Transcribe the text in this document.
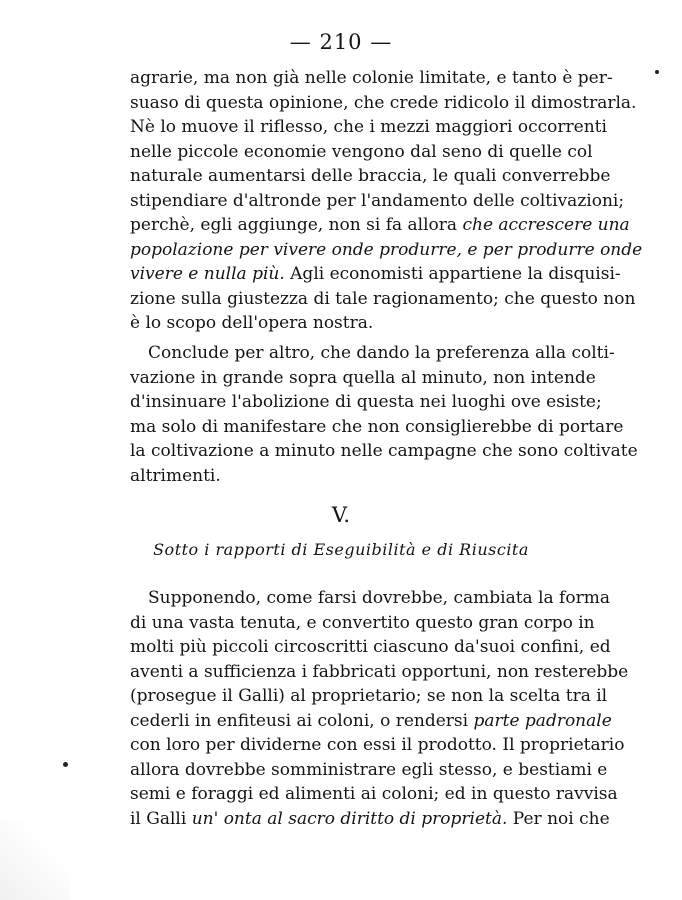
— 210 —
agrarie, ma non già nelle colonie limitate, e tanto è per-
suaso di questa opinione, che crede ridicolo il dimostrarla.
Nè lo muove il riflesso, che i mezzi maggiori occorrenti
nelle piccole economie vengono dal seno di quelle col
naturale aumentarsi delle braccia, le quali converrebbe
stipendiare d'altronde per l'andamento delle coltivazioni;
perchè, egli aggiunge, non si fa allora che accrescere una
popolazione per vivere onde produrre, e per produrre onde
vivere e nulla più. Agli economisti appartiene la disquisi-
zione sulla giustezza di tale ragionamento; che questo non
è lo scopo dell'opera nostra.
Conclude per altro, che dando la preferenza alla colti-
vazione in grande sopra quella al minuto, non intende
d'insinuare l'abolizione di questa nei luoghi ove esiste;
ma solo di manifestare che non consiglierebbe di portare
la coltivazione a minuto nelle campagne che sono coltivate
altrimenti.
V.
Sotto i rapporti di Eseguibilità e di Riuscita
Supponendo, come farsi dovrebbe, cambiata la forma
di una vasta tenuta, e convertito questo gran corpo in
molti più piccoli circoscritti ciascuno da'suoi confini, ed
aventi a sufficienza i fabbricati opportuni, non resterebbe
(prosegue il Galli) al proprietario; se non la scelta tra il
cederli in enfiteusi ai coloni, o rendersi parte padronale
con loro per dividerne con essi il prodotto. Il proprietario
allora dovrebbe somministrare egli stesso, e bestiami e
semi e foraggi ed alimenti ai coloni; ed in questo ravvisa
il Galli un' onta al sacro diritto di proprietà. Per noi che
